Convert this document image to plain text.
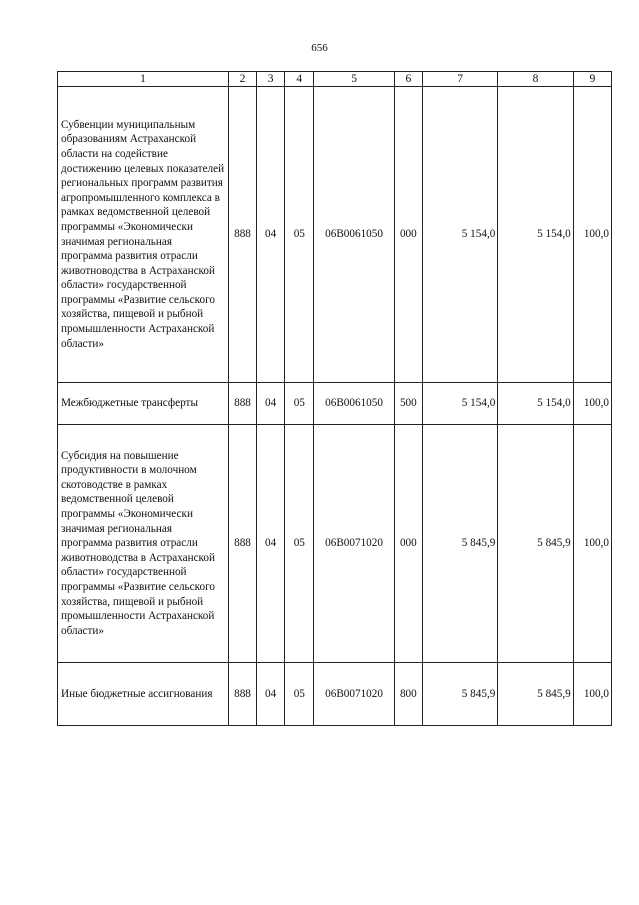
656
1	2	3	4	5	6	7	8	9
Субвенции муниципальным образованиям Астраханской области на содействие достижению целевых показателей региональных программ развития агропромышленного комплекса в рамках ведомственной целевой программы «Экономически значимая региональная программа развития отрасли животноводства в Астраханской области» государственной программы «Развитие сельского хозяйства, пищевой и рыбной промышленности Астраханской области»	888	04	05	06В0061050	000	5 154,0	5 154,0	100,0
Межбюджетные трансферты	888	04	05	06В0061050	500	5 154,0	5 154,0	100,0
Субсидия на повышение продуктивности в молочном скотоводстве в рамках ведомственной целевой программы «Экономически значимая региональная программа развития отрасли животноводства в Астраханской области» государственной программы «Развитие сельского хозяйства, пищевой и рыбной промышленности Астраханской области»	888	04	05	06В0071020	000	5 845,9	5 845,9	100,0
Иные бюджетные ассигнования	888	04	05	06В0071020	800	5 845,9	5 845,9	100,0
